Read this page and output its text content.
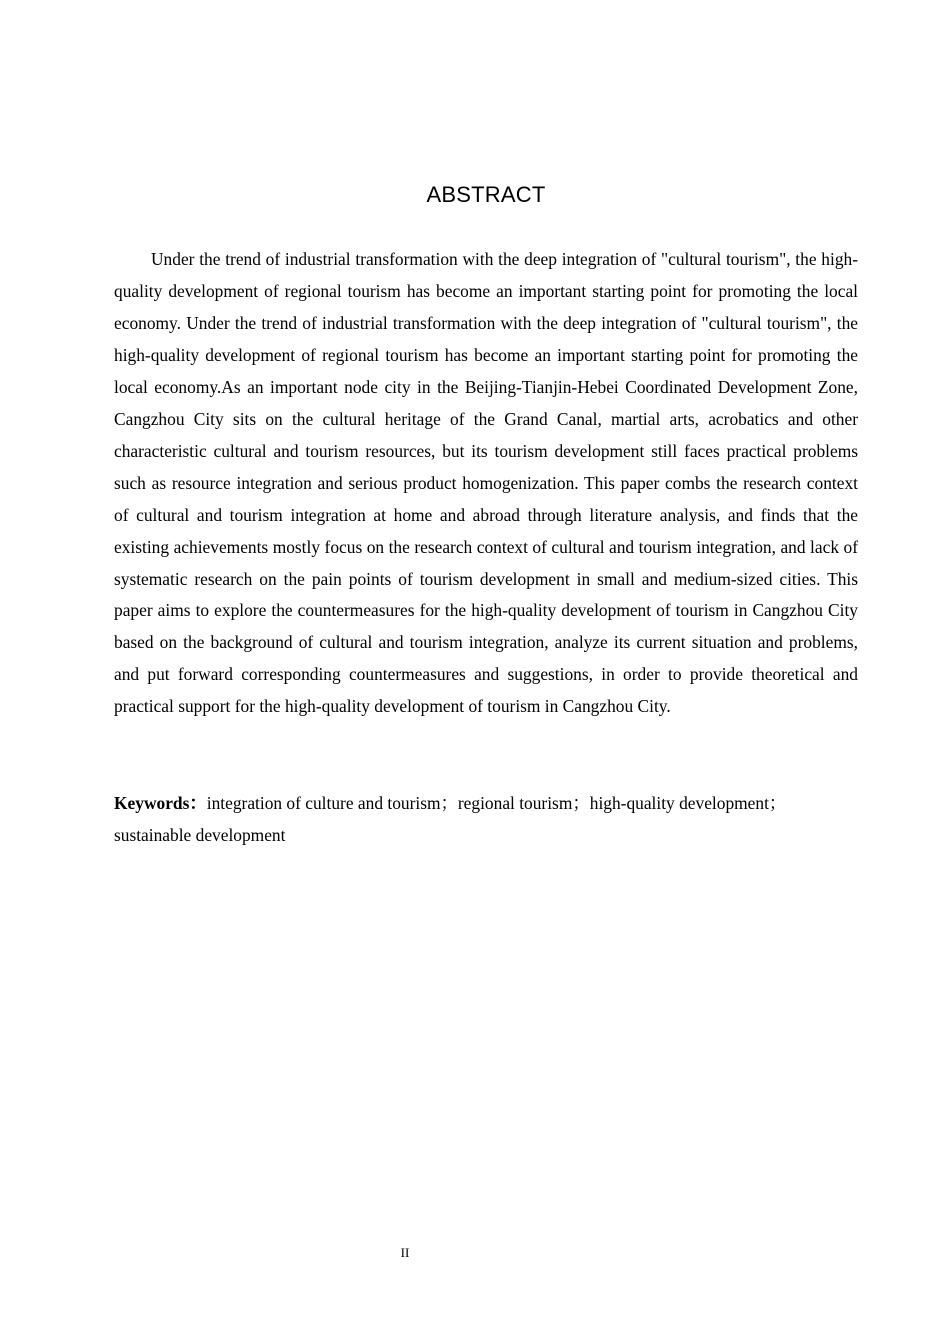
ABSTRACT

Under the trend of industrial transformation with the deep integration of "cultural tourism", the high-quality development of regional tourism has become an important starting point for promoting the local economy. Under the trend of industrial transformation with the deep integration of "cultural tourism", the high-quality development of regional tourism has become an important starting point for promoting the local economy.As an important node city in the Beijing-Tianjin-Hebei Coordinated Development Zone, Cangzhou City sits on the cultural heritage of the Grand Canal, martial arts, acrobatics and other characteristic cultural and tourism resources, but its tourism development still faces practical problems such as resource integration and serious product homogenization. This paper combs the research context of cultural and tourism integration at home and abroad through literature analysis, and finds that the existing achievements mostly focus on the research context of cultural and tourism integration, and lack of systematic research on the pain points of tourism development in small and medium-sized cities. This paper aims to explore the countermeasures for the high-quality development of tourism in Cangzhou City based on the background of cultural and tourism integration, analyze its current situation and problems, and put forward corresponding countermeasures and suggestions, in order to provide theoretical and practical support for the high-quality development of tourism in Cangzhou City.

Keywords：integration of culture and tourism；regional tourism；high-quality development；sustainable development

II
